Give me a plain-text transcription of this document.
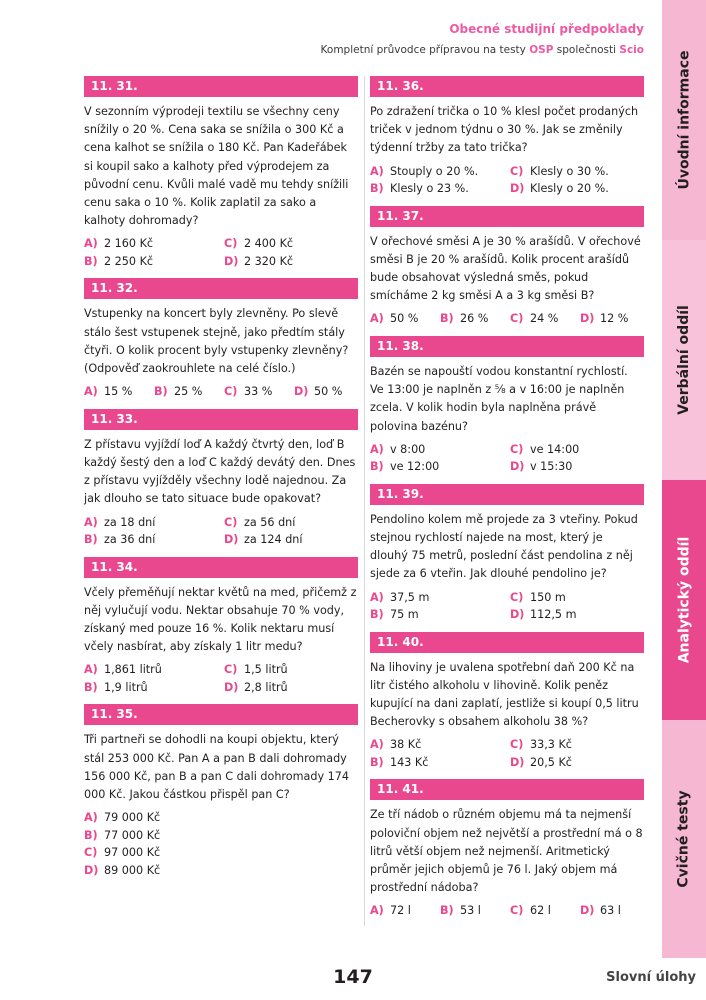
Obecné studijní předpoklady
Kompletní průvodce přípravou na testy OSP společnosti Scio
Úvodní informace
Verbální oddíl
Analytický oddíl
Cvičné testy
11. 31.
V sezonním výprodeji textilu se všechny ceny snížily o 20 %. Cena saka se snížila o 300 Kč a cena kalhot se snížila o 180 Kč. Pan Kadeřábek si koupil sako a kalhoty před výprodejem za původní cenu. Kvůli malé vadě mu tehdy snížili cenu saka o 10 %. Kolik zaplatil za sako a kalhoty dohromady?
A) 2 160 Kč	C) 2 400 Kč
B) 2 250 Kč	D) 2 320 Kč
11. 32.
Vstupenky na koncert byly zlevněny. Po slevě stálo šest vstupenek stejně, jako předtím stály čtyři. O kolik procent byly vstupenky zlevněny? (Odpověď zaokrouhlete na celé číslo.)
A) 15 %	B) 25 %	C) 33 %	D) 50 %
11. 33.
Z přístavu vyjíždí loď A každý čtvrtý den, loď B každý šestý den a loď C každý devátý den. Dnes z přístavu vyjížděly všechny lodě najednou. Za jak dlouho se tato situace bude opakovat?
A) za 18 dní	C) za 56 dní
B) za 36 dní	D) za 124 dní
11. 34.
Včely přeměňují nektar květů na med, přičemž z něj vylučují vodu. Nektar obsahuje 70 % vody, získaný med pouze 16 %. Kolik nektaru musí včely nasbírat, aby získaly 1 litr medu?
A) 1,861 litrů	C) 1,5 litrů
B) 1,9 litrů	D) 2,8 litrů
11. 35.
Tři partneři se dohodli na koupi objektu, který stál 253 000 Kč. Pan A a pan B dali dohromady 156 000 Kč, pan B a pan C dali dohromady 174 000 Kč. Jakou částkou přispěl pan C?
A) 79 000 Kč
B) 77 000 Kč
C) 97 000 Kč
D) 89 000 Kč
11. 36.
Po zdražení trička o 10 % klesl počet prodaných triček v jednom týdnu o 30 %. Jak se změnily týdenní tržby za tato trička?
A) Stouply o 20 %.	C) Klesly o 30 %.
B) Klesly o 23 %.	D) Klesly o 20 %.
11. 37.
V ořechové směsi A je 30 % arašídů. V ořechové směsi B je 20 % arašídů. Kolik procent arašídů bude obsahovat výsledná směs, pokud smícháme 2 kg směsi A a 3 kg směsi B?
A) 50 %	B) 26 %	C) 24 %	D) 12 %
11. 38.
Bazén se napouští vodou konstantní rychlostí. Ve 13:00 je naplněn z ⅝ a v 16:00 je naplněn zcela. V kolik hodin byla naplněna právě polovina bazénu?
A) v 8:00	C) ve 14:00
B) ve 12:00	D) v 15:30
11. 39.
Pendolino kolem mě projede za 3 vteřiny. Pokud stejnou rychlostí najede na most, který je dlouhý 75 metrů, poslední část pendolina z něj sjede za 6 vteřin. Jak dlouhé pendolino je?
A) 37,5 m	C) 150 m
B) 75 m	D) 112,5 m
11. 40.
Na lihoviny je uvalena spotřební daň 200 Kč na litr čistého alkoholu v lihovině. Kolik peněz kupující na dani zaplatí, jestliže si koupí 0,5 litru Becherovky s obsahem alkoholu 38 %?
A) 38 Kč	C) 33,3 Kč
B) 143 Kč	D) 20,5 Kč
11. 41.
Ze tří nádob o různém objemu má ta nejmenší poloviční objem než největší a prostřední má o 8 litrů větší objem než nejmenší. Aritmetický průměr jejich objemů je 76 l. Jaký objem má prostřední nádoba?
A) 72 l	B) 53 l	C) 62 l	D) 63 l
147	Slovní úlohy
